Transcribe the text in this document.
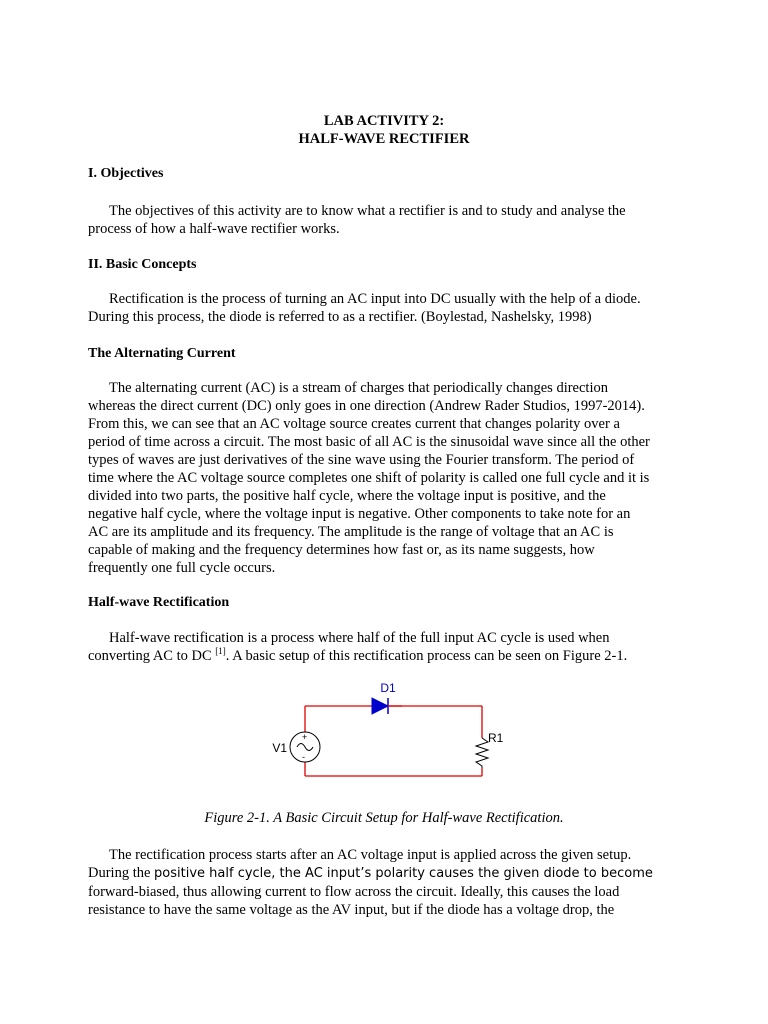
LAB ACTIVITY 2:
HALF-WAVE RECTIFIER
I. Objectives
The objectives of this activity are to know what a rectifier is and to study and analyse the
process of how a half-wave rectifier works.
II. Basic Concepts
Rectification is the process of turning an AC input into DC usually with the help of a diode.
During this process, the diode is referred to as a rectifier. (Boylestad, Nashelsky, 1998)
The Alternating Current
The alternating current (AC) is a stream of charges that periodically changes direction
whereas the direct current (DC) only goes in one direction (Andrew Rader Studios, 1997-2014).
From this, we can see that an AC voltage source creates current that changes polarity over a
period of time across a circuit. The most basic of all AC is the sinusoidal wave since all the other
types of waves are just derivatives of the sine wave using the Fourier transform. The period of
time where the AC voltage source completes one shift of polarity is called one full cycle and it is
divided into two parts, the positive half cycle, where the voltage input is positive, and the
negative half cycle, where the voltage input is negative. Other components to take note for an
AC are its amplitude and its frequency. The amplitude is the range of voltage that an AC is
capable of making and the frequency determines how fast or, as its name suggests, how
frequently one full cycle occurs.
Half-wave Rectification
Half-wave rectification is a process where half of the full input AC cycle is used when
converting AC to DC [1]. A basic setup of this rectification process can be seen on Figure 2-1.
D1
V1
R1
+
-
Figure 2-1. A Basic Circuit Setup for Half-wave Rectification.
The rectification process starts after an AC voltage input is applied across the given setup.
During the positive half cycle, the AC input’s polarity causes the given diode to become
forward-biased, thus allowing current to flow across the circuit. Ideally, this causes the load
resistance to have the same voltage as the AV input, but if the diode has a voltage drop, the
